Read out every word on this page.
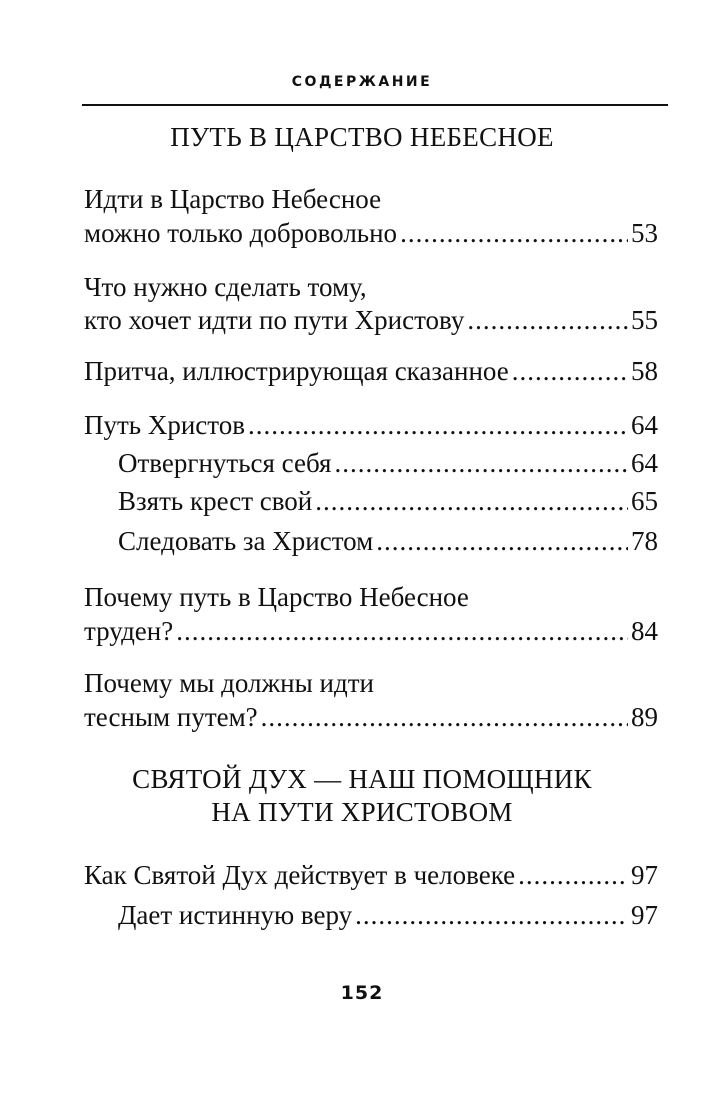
СОДЕРЖАНИЕ
ПУТЬ В ЦАРСТВО НЕБЕСНОЕ
Идти в Царство Небесное
можно только добровольно .....	53
Что нужно сделать тому,
кто хочет идти по пути Христову .....	55
Притча, иллюстрирующая сказанное .....	58
Путь Христов .....	64
Отвергнуться себя .....	64
Взять крест свой .....	65
Следовать за Христом .....	78
Почему путь в Царство Небесное
труден? .....	84
Почему мы должны идти
тесным путем? .....	89
СВЯТОЙ ДУХ — НАШ ПОМОЩНИК
НА ПУТИ ХРИСТОВОМ
Как Святой Дух действует в человеке .....	97
Дает истинную веру .....	97
152
